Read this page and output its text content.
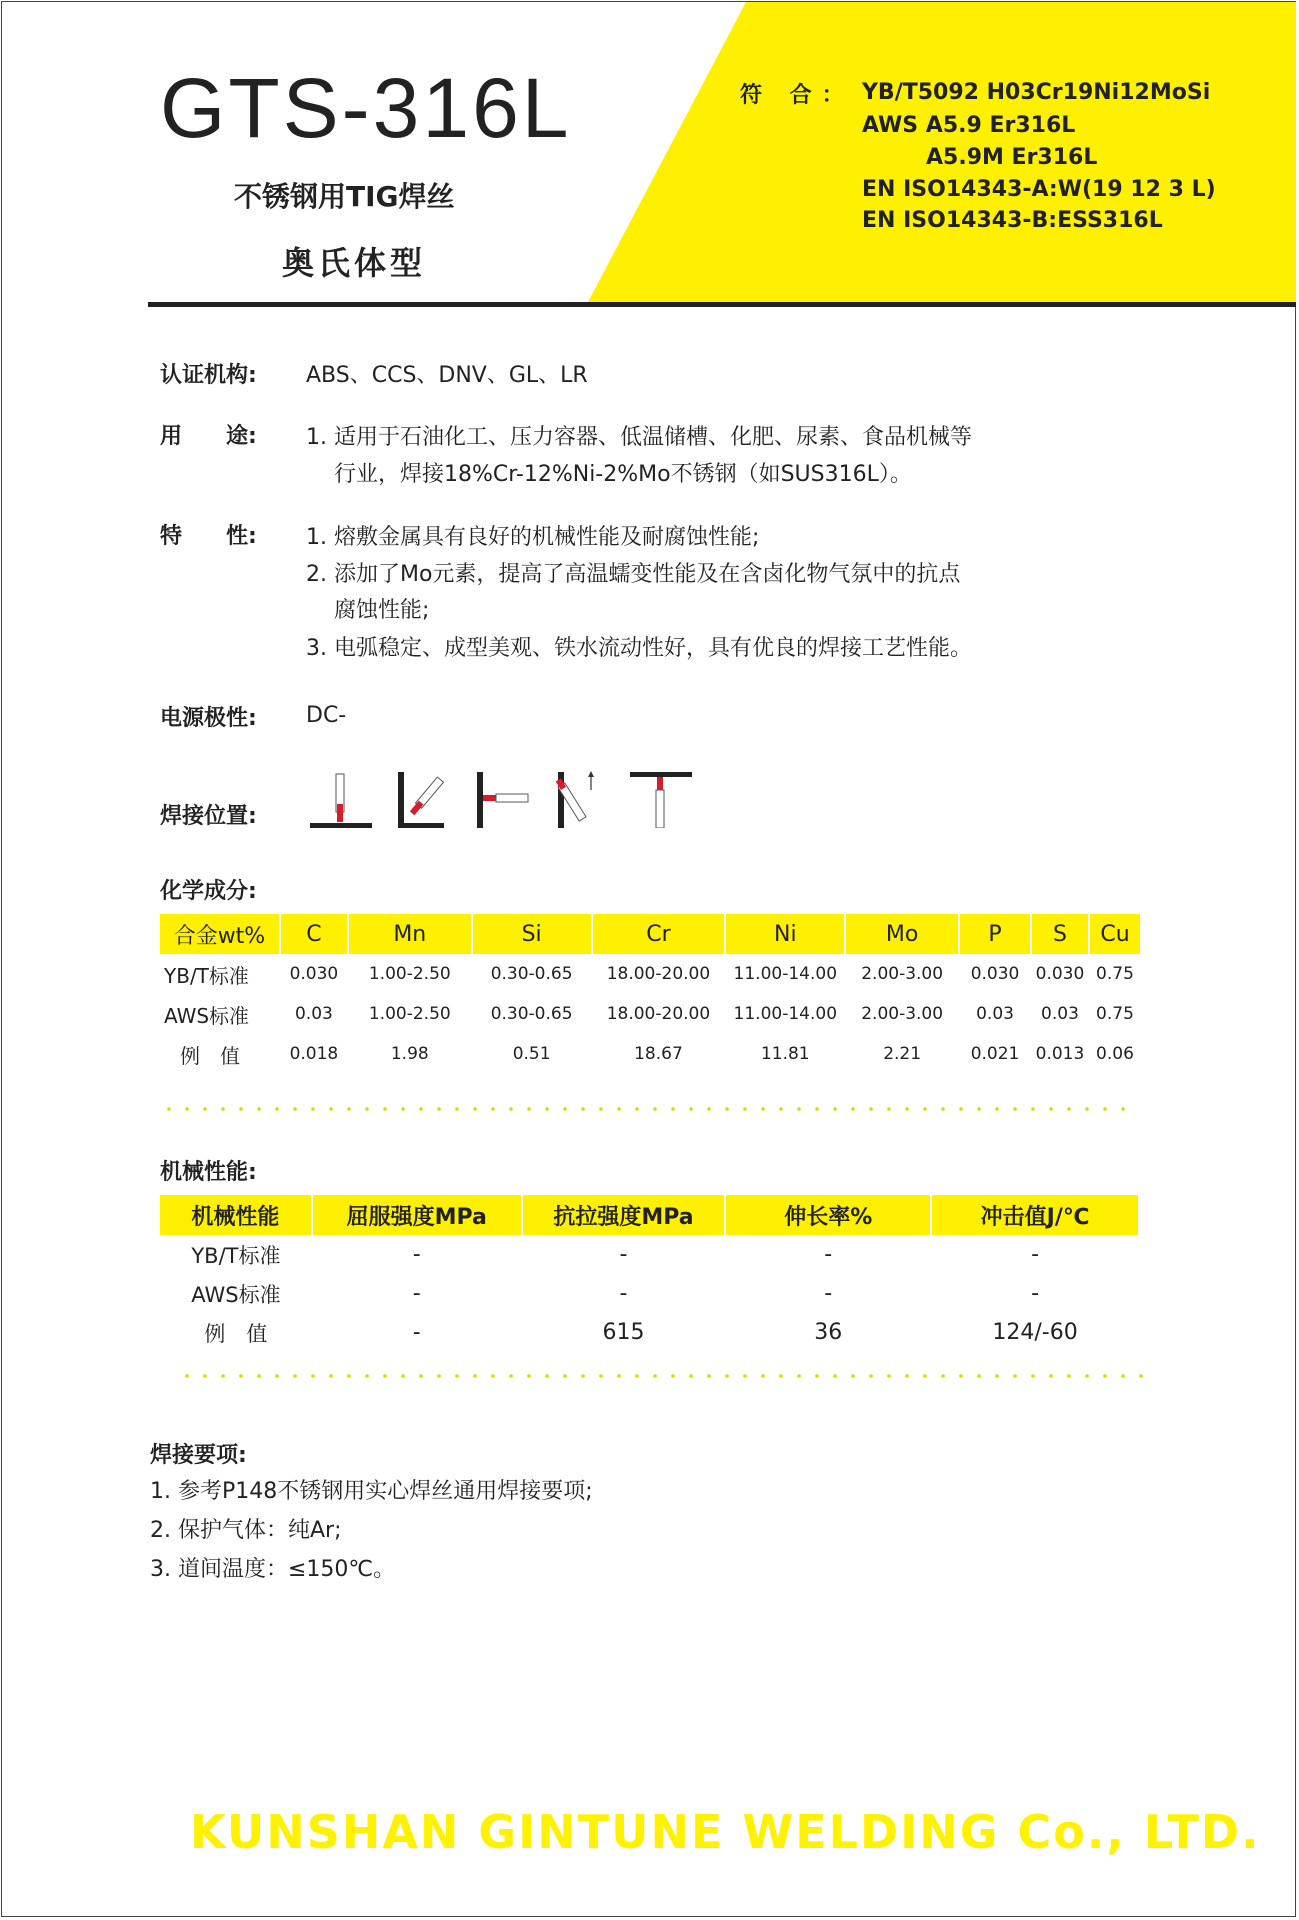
GTS-316L
不锈钢用TIG焊丝
奥氏体型
符 合： YB/T5092 H03Cr19Ni12MoSi
AWS A5.9 Er316L
A5.9M Er316L
EN ISO14343-A:W(19 12 3 L)
EN ISO14343-B:ESS316L
认证机构: ABS、CCS、DNV、GL、LR
用　　途: 1. 适用于石油化工、压力容器、低温储槽、化肥、尿素、食品机械等
行业，焊接18%Cr-12%Ni-2%Mo不锈钢（如SUS316L）。
特　　性: 1. 熔敷金属具有良好的机械性能及耐腐蚀性能;
2. 添加了Mo元素，提高了高温蠕变性能及在含卤化物气氛中的抗点
腐蚀性能;
3. 电弧稳定、成型美观、铁水流动性好，具有优良的焊接工艺性能。
电源极性: DC-
焊接位置:
化学成分:
合金wt%	C	Mn	Si	Cr	Ni	Mo	P	S	Cu
YB/T标准	0.030	1.00-2.50	0.30-0.65	18.00-20.00	11.00-14.00	2.00-3.00	0.030	0.030	0.75
AWS标准	0.03	1.00-2.50	0.30-0.65	18.00-20.00	11.00-14.00	2.00-3.00	0.03	0.03	0.75
例　值	0.018	1.98	0.51	18.67	11.81	2.21	0.021	0.013	0.06
机械性能:
机械性能	屈服强度MPa	抗拉强度MPa	伸长率%	冲击值J/℃
YB/T标准	-	-	-	-
AWS标准	-	-	-	-
例　值	-	615	36	124/-60
焊接要项:
1. 参考P148不锈钢用实心焊丝通用焊接要项;
2. 保护气体：纯Ar;
3. 道间温度：≤150℃。
KUNSHAN GINTUNE WELDING Co., LTD.
